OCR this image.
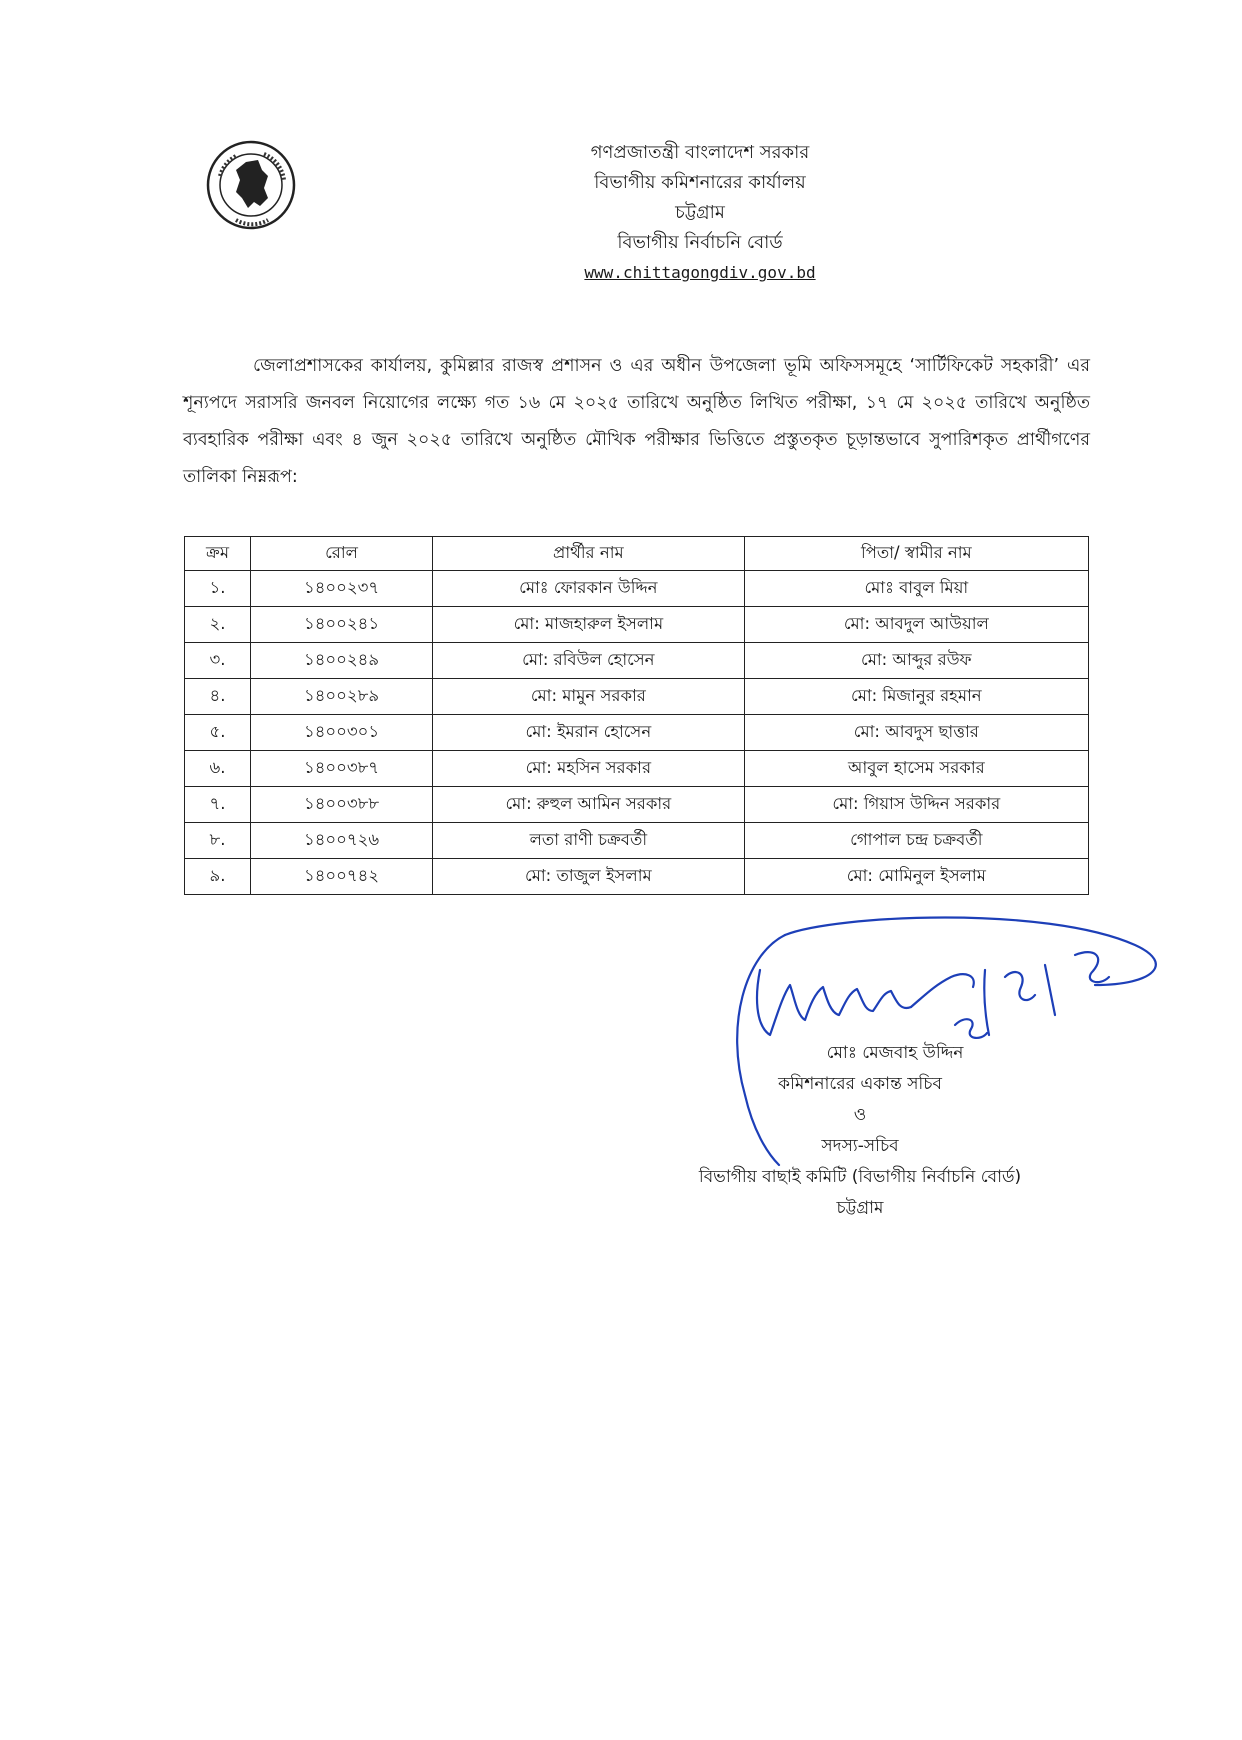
গণপ্রজাতন্ত্রী বাংলাদেশ সরকার
বিভাগীয় কমিশনারের কার্যালয়
চট্টগ্রাম
বিভাগীয় নির্বাচনি বোর্ড
www.chittagongdiv.gov.bd

জেলাপ্রশাসকের কার্যালয়, কুমিল্লার রাজস্ব প্রশাসন ও এর অধীন উপজেলা ভূমি অফিসসমূহে ‘সার্টিফিকেট সহকারী’ এর শূন্যপদে সরাসরি জনবল নিয়োগের লক্ষ্যে গত ১৬ মে ২০২৫ তারিখে অনুষ্ঠিত লিখিত পরীক্ষা, ১৭ মে ২০২৫ তারিখে অনুষ্ঠিত ব্যবহারিক পরীক্ষা এবং ৪ জুন ২০২৫ তারিখে অনুষ্ঠিত মৌখিক পরীক্ষার ভিত্তিতে প্রস্তুতকৃত চূড়ান্তভাবে সুপারিশকৃত প্রার্থীগণের তালিকা নিম্নরূপ:

ক্রম	রোল	প্রার্থীর নাম	পিতা/ স্বামীর নাম
১.	১৪০০২৩৭	মোঃ ফোরকান উদ্দিন	মোঃ বাবুল মিয়া
২.	১৪০০২৪১	মো: মাজহারুল ইসলাম	মো: আবদুল আউয়াল
৩.	১৪০০২৪৯	মো: রবিউল হোসেন	মো: আব্দুর রউফ
৪.	১৪০০২৮৯	মো: মামুন সরকার	মো: মিজানুর রহমান
৫.	১৪০০৩০১	মো: ইমরান হোসেন	মো: আবদুস ছাত্তার
৬.	১৪০০৩৮৭	মো: মহসিন সরকার	আবুল হাসেম সরকার
৭.	১৪০০৩৮৮	মো: রুহুল আমিন সরকার	মো: গিয়াস উদ্দিন সরকার
৮.	১৪০০৭২৬	লতা রাণী চক্রবর্তী	গোপাল চন্দ্র চক্রবর্তী
৯.	১৪০০৭৪২	মো: তাজুল ইসলাম	মো: মোমিনুল ইসলাম
মোঃ মেজবাহ উদ্দিন
কমিশনারের একান্ত সচিব
ও
সদস্য-সচিব
বিভাগীয় বাছাই কমিটি (বিভাগীয় নির্বাচনি বোর্ড)
চট্টগ্রাম
